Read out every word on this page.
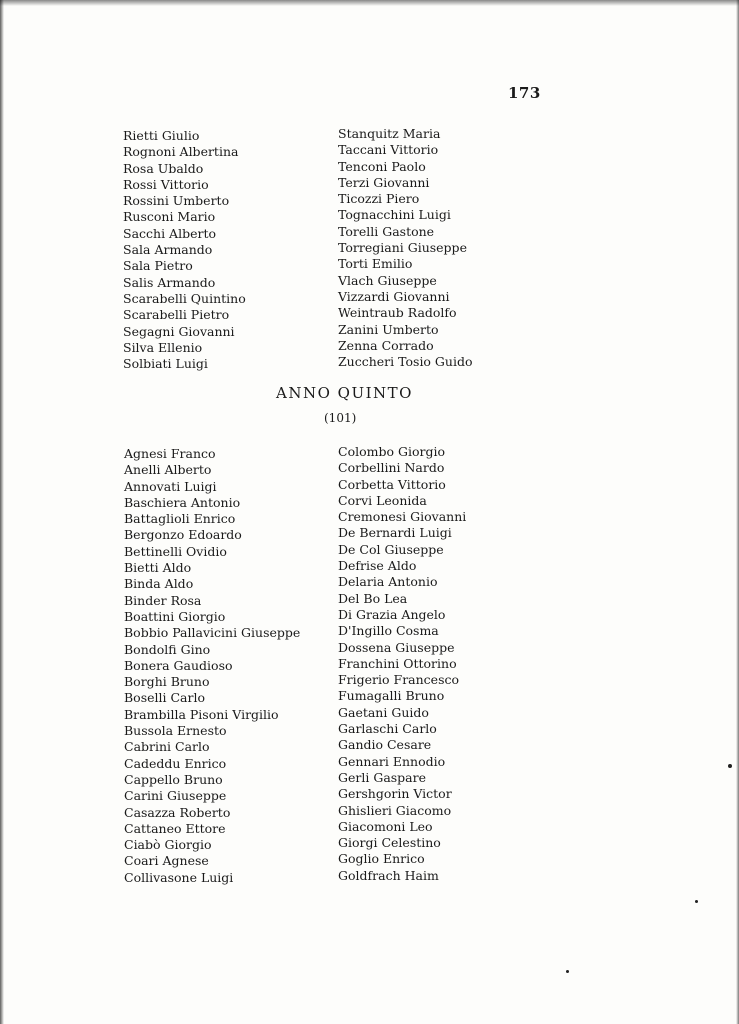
173
Rietti Giulio
Rognoni Albertina
Rosa Ubaldo
Rossi Vittorio
Rossini Umberto
Rusconi Mario
Sacchi Alberto
Sala Armando
Sala Pietro
Salis Armando
Scarabelli Quintino
Scarabelli Pietro
Segagni Giovanni
Silva Ellenio
Solbiati Luigi
Stanquitz Maria
Taccani Vittorio
Tenconi Paolo
Terzi Giovanni
Ticozzi Piero
Tognacchini Luigi
Torelli Gastone
Torregiani Giuseppe
Torti Emilio
Vlach Giuseppe
Vizzardi Giovanni
Weintraub Radolfo
Zanini Umberto
Zenna Corrado
Zuccheri Tosio Guido
ANNO QUINTO
(101)
Agnesi Franco
Anelli Alberto
Annovati Luigi
Baschiera Antonio
Battaglioli Enrico
Bergonzo Edoardo
Bettinelli Ovidio
Bietti Aldo
Binda Aldo
Binder Rosa
Boattini Giorgio
Bobbio Pallavicini Giuseppe
Bondolfi Gino
Bonera Gaudioso
Borghi Bruno
Boselli Carlo
Brambilla Pisoni Virgilio
Bussola Ernesto
Cabrini Carlo
Cadeddu Enrico
Cappello Bruno
Carini Giuseppe
Casazza Roberto
Cattaneo Ettore
Ciabò Giorgio
Coari Agnese
Collivasone Luigi
Colombo Giorgio
Corbellini Nardo
Corbetta Vittorio
Corvi Leonida
Cremonesi Giovanni
De Bernardi Luigi
De Col Giuseppe
Defrise Aldo
Delaria Antonio
Del Bo Lea
Di Grazia Angelo
D'Ingillo Cosma
Dossena Giuseppe
Franchini Ottorino
Frigerio Francesco
Fumagalli Bruno
Gaetani Guido
Garlaschi Carlo
Gandio Cesare
Gennari Ennodio
Gerli Gaspare
Gershgorin Victor
Ghislieri Giacomo
Giacomoni Leo
Giorgi Celestino
Goglio Enrico
Goldfrach Haim
